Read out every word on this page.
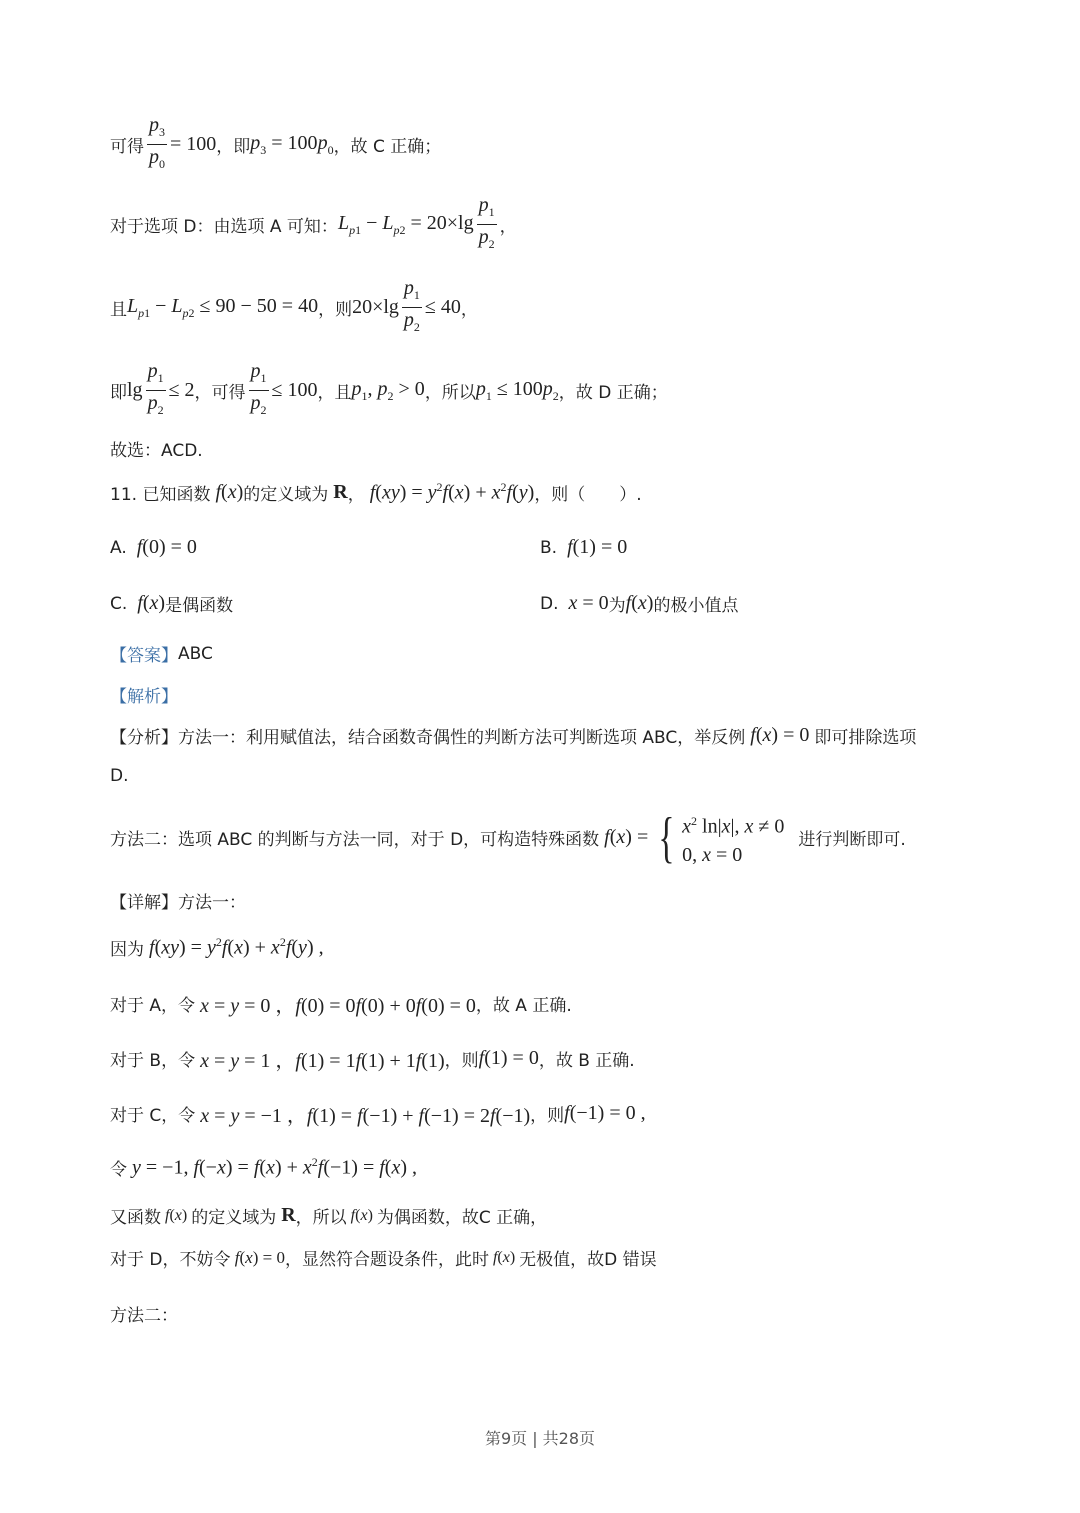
可得 $\frac{p_3}{p_0} = 100$ ，即 $p_3 = 100p_0$ ，故 C 正确；
对于选项 D：由选项 A 可知： $L_{p1} - L_{p2} = 20\times\lg \frac{p_1}{p_2}$ ，
且 $L_{p1} - L_{p2} \le 90 - 50 = 40$ ，则 $20\times\lg \frac{p_1}{p_2} \le 40$ ，
即 $\lg \frac{p_1}{p_2} \le 2$ ，可得 $\frac{p_1}{p_2} \le 100$ ，且 $p_1$, $p_2 > 0$ ，所以 $p_1 \le 100p_2$ ，故 D 正确；
故选：ACD.
11. 已知函数 f(x) 的定义域为 R ， $f(xy) = y^2f(x) + x^2f(y)$ ，则（　　）.
A. f(0) = 0	B. f(1) = 0
C. f(x) 是偶函数	D. x = 0 为 f(x) 的极小值点
【答案】 ABC
【解析】
【分析】 方法一：利用赋值法，结合函数奇偶性的判断方法可判断选项 ABC，举反例 f(x) = 0 即可排除选项
D.
方法二：选项 ABC 的判断与方法一同，对于 D，可构造特殊函数 f(x) = { $x^2$ ln|x|, x ≠ 0
0, x = 0
进行判断即可.
【详解】 方法一：
因为 $f(xy) = y^2f(x) + x^2f(y)$ ,
对于 A，令 x = y = 0 ，f(0) = 0f(0) + 0f(0) = 0 ，故 A 正确.
对于 B，令 x = y = 1 ，f(1) = 1f(1) + 1f(1) ，则 f(1) = 0 ，故 B 正确.
对于 C，令 x = y = −1 ，f(1) = f(−1) + f(−1) = 2f(−1) ，则 f(−1) = 0 ,
令 y = −1, $f(-x) = f(x) + x^2f(-1) = f(x)$ ,
又函数 f(x) 的定义域为 R ，所以 f(x) 为偶函数，故C 正确，
对于 D，不妨令 f(x) = 0 ，显然符合题设条件，此时 f(x) 无极值，故D 错误
方法二：
第9页 | 共28页
